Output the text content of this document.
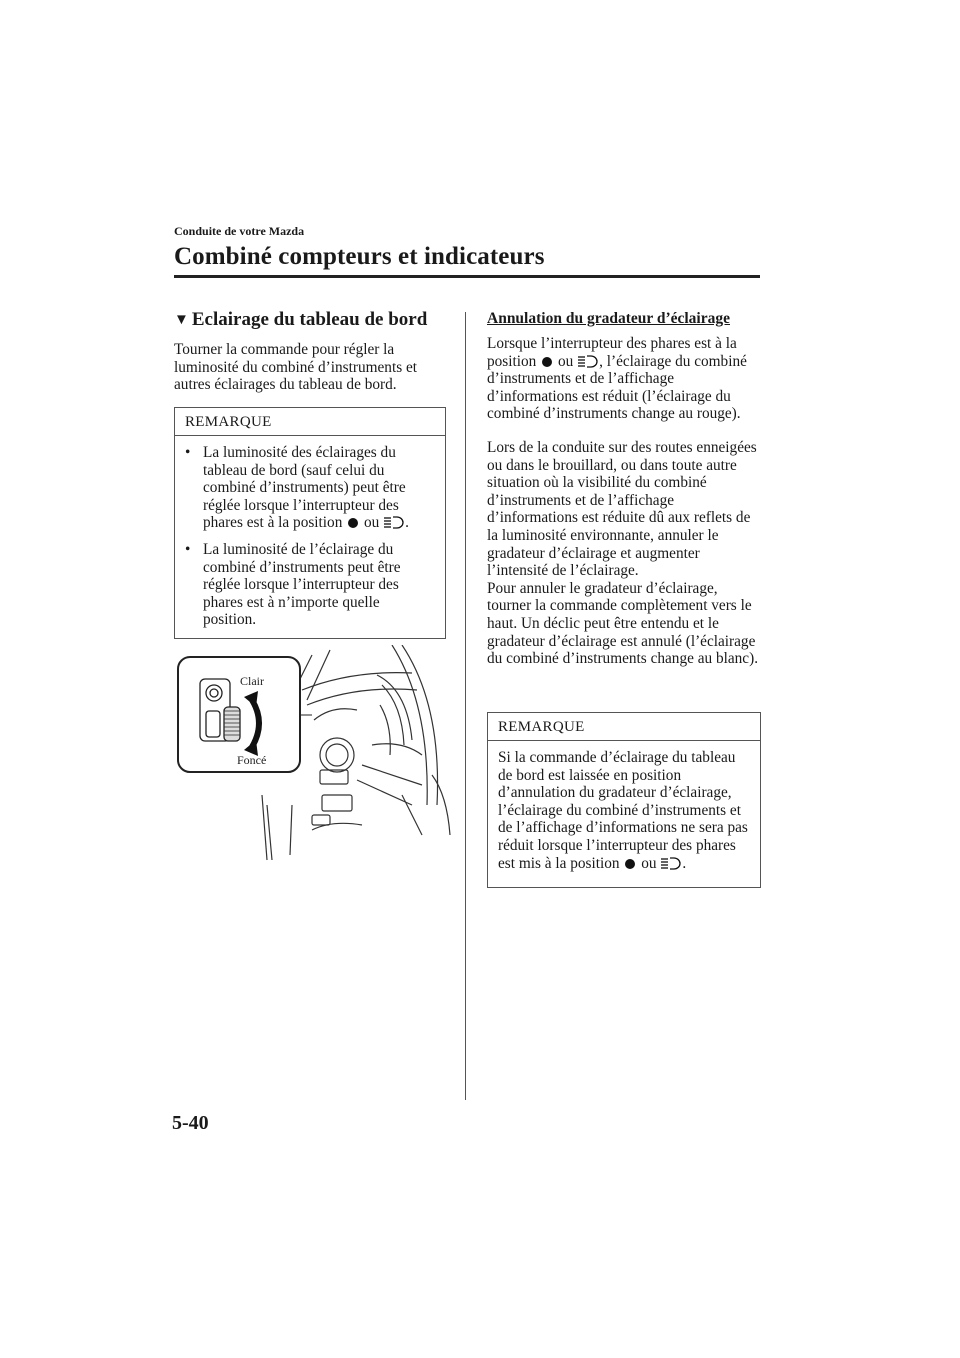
Conduite de votre Mazda
Combiné compteurs et indicateurs
▼ Eclairage du tableau de bord
Tourner la commande pour régler la luminosité du combiné d’instruments et autres éclairages du tableau de bord.
REMARQUE
• La luminosité des éclairages du tableau de bord (sauf celui du combiné d’instruments) peut être réglée lorsque l’interrupteur des phares est à la position ou .
• La luminosité de l’éclairage du combiné d’instruments peut être réglée lorsque l’interrupteur des phares est à n’importe quelle position.
Clair
Foncé
Annulation du gradateur d’éclairage
Lorsque l’interrupteur des phares est à la position ou , l’éclairage du combiné d’instruments et de l’affichage d’informations est réduit (l’éclairage du combiné d’instruments change au rouge).
Lors de la conduite sur des routes enneigées ou dans le brouillard, ou dans toute autre situation où la visibilité du combiné d’instruments et de l’affichage d’informations est réduite dû aux reflets de la luminosité environnante, annuler le gradateur d’éclairage et augmenter l’intensité de l’éclairage.
Pour annuler le gradateur d’éclairage, tourner la commande complètement vers le haut. Un déclic peut être entendu et le gradateur d’éclairage est annulé (l’éclairage du combiné d’instruments change au blanc).
REMARQUE
Si la commande d’éclairage du tableau de bord est laissée en position d’annulation du gradateur d’éclairage, l’éclairage du combiné d’instruments et de l’affichage d’informations ne sera pas réduit lorsque l’interrupteur des phares est mis à la position ou .
5-40
